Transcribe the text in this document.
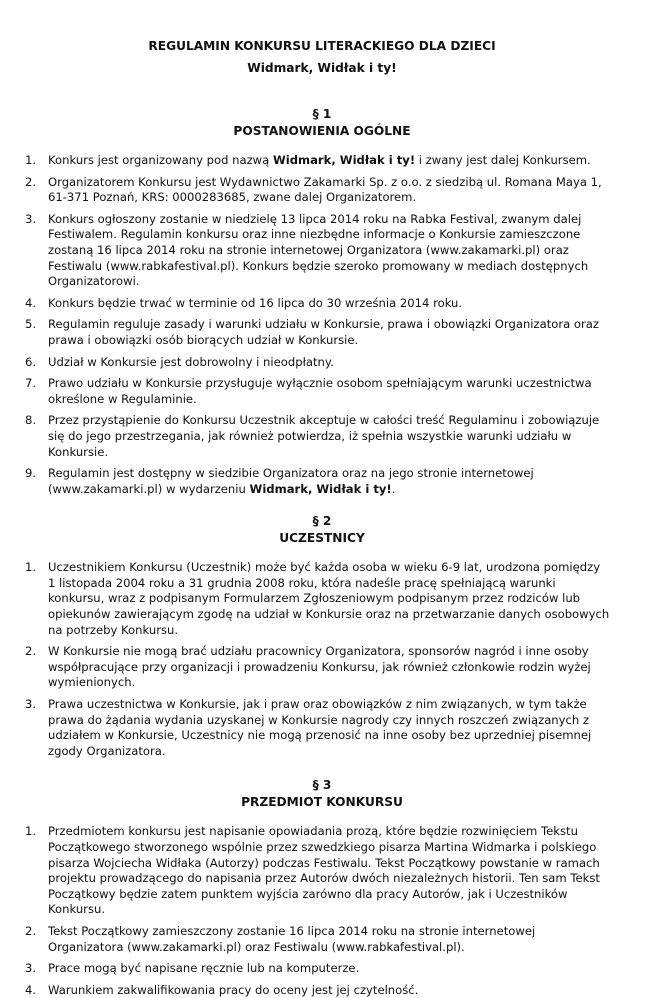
REGULAMIN KONKURSU LITERACKIEGO DLA DZIECI
Widmark, Widłak i ty!
§ 1
POSTANOWIENIA OGÓLNE
1. Konkurs jest organizowany pod nazwą Widmark, Widłak i ty! i zwany jest dalej Konkursem.
2. Organizatorem Konkursu jest Wydawnictwo Zakamarki Sp. z o.o. z siedzibą ul. Romana Maya 1, 61-371 Poznań, KRS: 0000283685, zwane dalej Organizatorem.
3. Konkurs ogłoszony zostanie w niedzielę 13 lipca 2014 roku na Rabka Festival, zwanym dalej Festiwalem. Regulamin konkursu oraz inne niezbędne informacje o Konkursie zamieszczone zostaną 16 lipca 2014 roku na stronie internetowej Organizatora (www.zakamarki.pl) oraz Festiwalu (www.rabkafestival.pl). Konkurs będzie szeroko promowany w mediach dostępnych Organizatorowi.
4. Konkurs będzie trwać w terminie od 16 lipca do 30 września 2014 roku.
5. Regulamin reguluje zasady i warunki udziału w Konkursie, prawa i obowiązki Organizatora oraz prawa i obowiązki osób biorących udział w Konkursie.
6. Udział w Konkursie jest dobrowolny i nieodpłatny.
7. Prawo udziału w Konkursie przysługuje wyłącznie osobom spełniającym warunki uczestnictwa określone w Regulaminie.
8. Przez przystąpienie do Konkursu Uczestnik akceptuje w całości treść Regulaminu i zobowiązuje się do jego przestrzegania, jak również potwierdza, iż spełnia wszystkie warunki udziału w Konkursie.
9. Regulamin jest dostępny w siedzibie Organizatora oraz na jego stronie internetowej (www.zakamarki.pl) w wydarzeniu Widmark, Widłak i ty!.
§ 2
UCZESTNICY
1. Uczestnikiem Konkursu (Uczestnik) może być każda osoba w wieku 6-9 lat, urodzona pomiędzy 1 listopada 2004 roku a 31 grudnia 2008 roku, która nadeśle pracę spełniającą warunki konkursu, wraz z podpisanym Formularzem Zgłoszeniowym podpisanym przez rodziców lub opiekunów zawierającym zgodę na udział w Konkursie oraz na przetwarzanie danych osobowych na potrzeby Konkursu.
2. W Konkursie nie mogą brać udziału pracownicy Organizatora, sponsorów nagród i inne osoby współpracujące przy organizacji i prowadzeniu Konkursu, jak również członkowie rodzin wyżej wymienionych.
3. Prawa uczestnictwa w Konkursie, jak i praw oraz obowiązków z nim związanych, w tym także prawa do żądania wydania uzyskanej w Konkursie nagrody czy innych roszczeń związanych z udziałem w Konkursie, Uczestnicy nie mogą przenosić na inne osoby bez uprzedniej pisemnej zgody Organizatora.
§ 3
PRZEDMIOT KONKURSU
1. Przedmiotem konkursu jest napisanie opowiadania prozą, które będzie rozwinięciem Tekstu Początkowego stworzonego wspólnie przez szwedzkiego pisarza Martina Widmarka i polskiego pisarza Wojciecha Widłaka (Autorzy) podczas Festiwalu. Tekst Początkowy powstanie w ramach projektu prowadzącego do napisania przez Autorów dwóch niezależnych historii. Ten sam Tekst Początkowy będzie zatem punktem wyjścia zarówno dla pracy Autorów, jak i Uczestników Konkursu.
2. Tekst Początkowy zamieszczony zostanie 16 lipca 2014 roku na stronie internetowej Organizatora (www.zakamarki.pl) oraz Festiwalu (www.rabkafestival.pl).
3. Prace mogą być napisane ręcznie lub na komputerze.
4. Warunkiem zakwalifikowania pracy do oceny jest jej czytelność.
